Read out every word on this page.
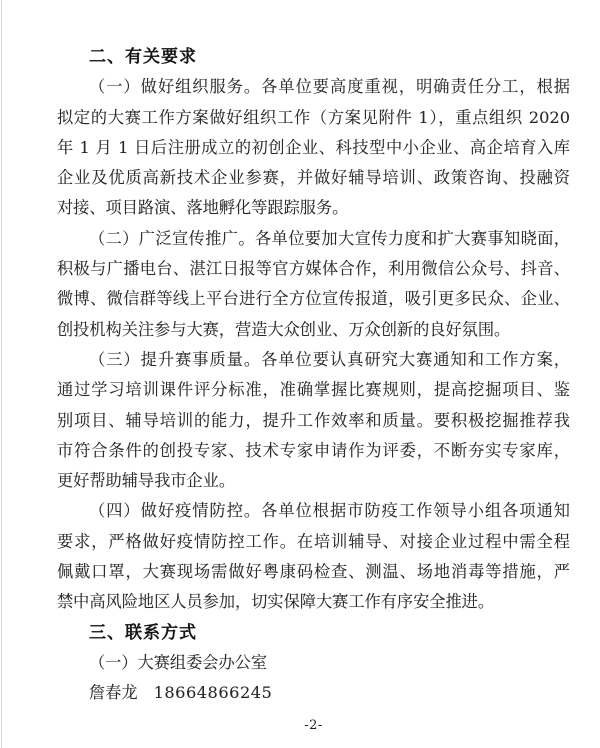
二、有关要求
（一）做好组织服务。各单位要高度重视，明确责任分工，根据
拟定的大赛工作方案做好组织工作（方案见附件 1），重点组织 2020
年 1 月 1 日后注册成立的初创企业、科技型中小企业、高企培育入库
企业及优质高新技术企业参赛，并做好辅导培训、政策咨询、投融资
对接、项目路演、落地孵化等跟踪服务。
（二）广泛宣传推广。各单位要加大宣传力度和扩大赛事知晓面，
积极与广播电台、湛江日报等官方媒体合作，利用微信公众号、抖音、
微博、微信群等线上平台进行全方位宣传报道，吸引更多民众、企业、
创投机构关注参与大赛，营造大众创业、万众创新的良好氛围。
（三）提升赛事质量。各单位要认真研究大赛通知和工作方案，
通过学习培训课件评分标准，准确掌握比赛规则，提高挖掘项目、鉴
别项目、辅导培训的能力，提升工作效率和质量。要积极挖掘推荐我
市符合条件的创投专家、技术专家申请作为评委，不断夯实专家库，
更好帮助辅导我市企业。
（四）做好疫情防控。各单位根据市防疫工作领导小组各项通知
要求，严格做好疫情防控工作。在培训辅导、对接企业过程中需全程
佩戴口罩，大赛现场需做好粤康码检查、测温、场地消毒等措施，严
禁中高风险地区人员参加，切实保障大赛工作有序安全推进。
三、联系方式
（一）大赛组委会办公室
詹春龙 18664866245
-2-
